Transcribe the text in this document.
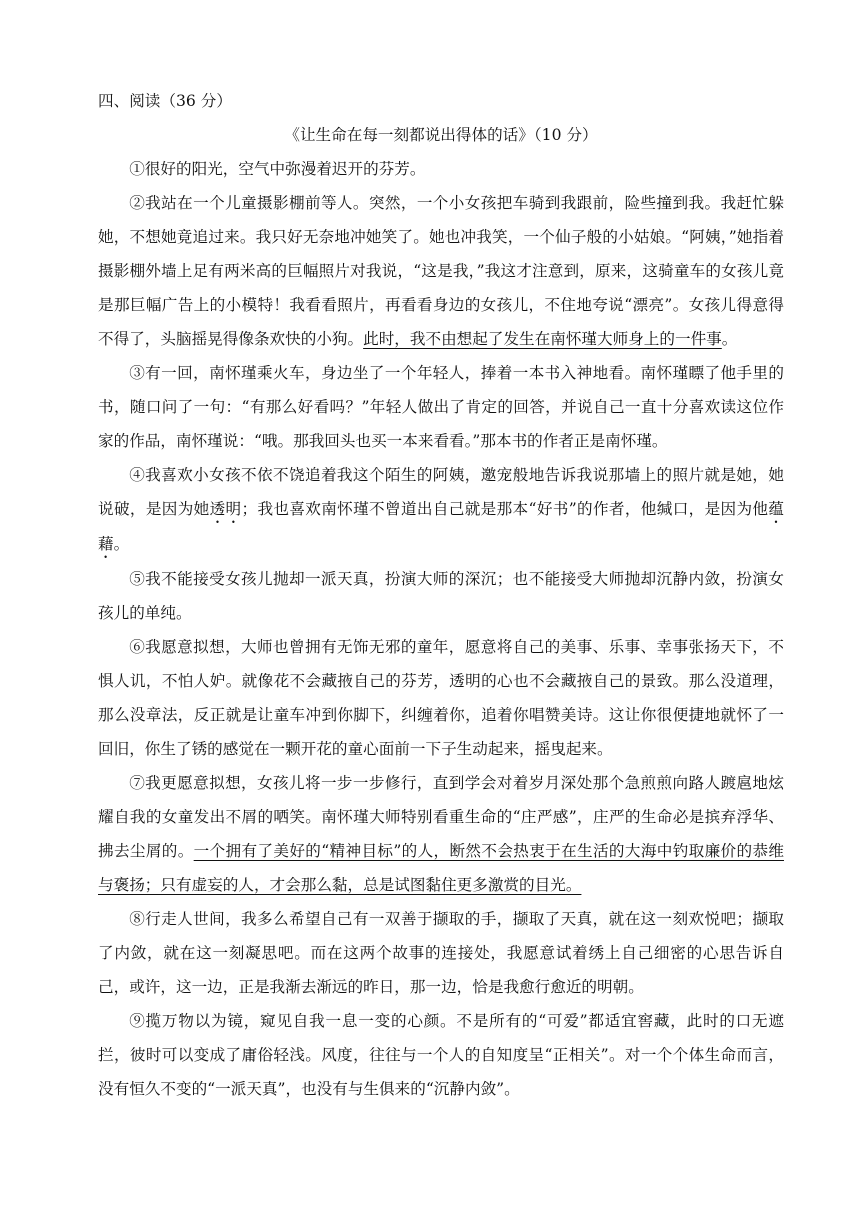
四、阅读（36 分）

《让生命在每一刻都说出得体的话》（10 分）

①很好的阳光，空气中弥漫着迟开的芬芳。

②我站在一个儿童摄影棚前等人。突然，一个小女孩把车骑到我跟前，险些撞到我。我赶忙躲她，不想她竟追过来。我只好无奈地冲她笑了。她也冲我笑，一个仙子般的小姑娘。“阿姨，”她指着摄影棚外墙上足有两米高的巨幅照片对我说，“这是我，”我这才注意到，原来，这骑童车的女孩儿竟是那巨幅广告上的小模特！我看看照片，再看看身边的女孩儿，不住地夸说“漂亮”。女孩儿得意得不得了，头脑摇晃得像条欢快的小狗。此时，我不由想起了发生在南怀瑾大师身上的一件事。

③有一回，南怀瑾乘火车，身边坐了一个年轻人，捧着一本书入神地看。南怀瑾瞟了他手里的书，随口问了一句：“有那么好看吗？”年轻人做出了肯定的回答，并说自己一直十分喜欢读这位作家的作品，南怀瑾说：“哦。那我回头也买一本来看看。”那本书的作者正是南怀瑾。

④我喜欢小女孩不依不饶追着我这个陌生的阿姨，邀宠般地告诉我说那墙上的照片就是她，她说破，是因为她透明；我也喜欢南怀瑾不曾道出自己就是那本“好书”的作者，他缄口，是因为他蕴藉。

⑤我不能接受女孩儿抛却一派天真，扮演大师的深沉；也不能接受大师抛却沉静内敛，扮演女孩儿的单纯。

⑥我愿意拟想，大师也曾拥有无饰无邪的童年，愿意将自己的美事、乐事、幸事张扬天下，不惧人讥，不怕人妒。就像花不会藏掖自己的芬芳，透明的心也不会藏掖自己的景致。那么没道理，那么没章法，反正就是让童车冲到你脚下，纠缠着你，追着你唱赞美诗。这让你很便捷地就怀了一回旧，你生了锈的感觉在一颗开花的童心面前一下子生动起来，摇曳起来。

⑦我更愿意拟想，女孩儿将一步一步修行，直到学会对着岁月深处那个急煎煎向路人踱扈地炫耀自我的女童发出不屑的哂笑。南怀瑾大师特别看重生命的“庄严感”，庄严的生命必是摈弃浮华、拂去尘屑的。一个拥有了美好的“精神目标”的人，断然不会热衷于在生活的大海中钓取廉价的恭维与褒扬；只有虚妄的人，才会那么黏，总是试图黏住更多激赏的目光。

⑧行走人世间，我多么希望自己有一双善于撷取的手，撷取了天真，就在这一刻欢悦吧；撷取了内敛，就在这一刻凝思吧。而在这两个故事的连接处，我愿意试着绣上自己细密的心思告诉自己，或许，这一边，正是我渐去渐远的昨日，那一边，恰是我愈行愈近的明朝。

⑨揽万物以为镜，窥见自我一息一变的心颜。不是所有的“可爱”都适宜窖藏，此时的口无遮拦，彼时可以变成了庸俗轻浅。风度，往往与一个人的自知度呈“正相关”。对一个个体生命而言，没有恒久不变的“一派天真”，也没有与生俱来的“沉静内敛”。
